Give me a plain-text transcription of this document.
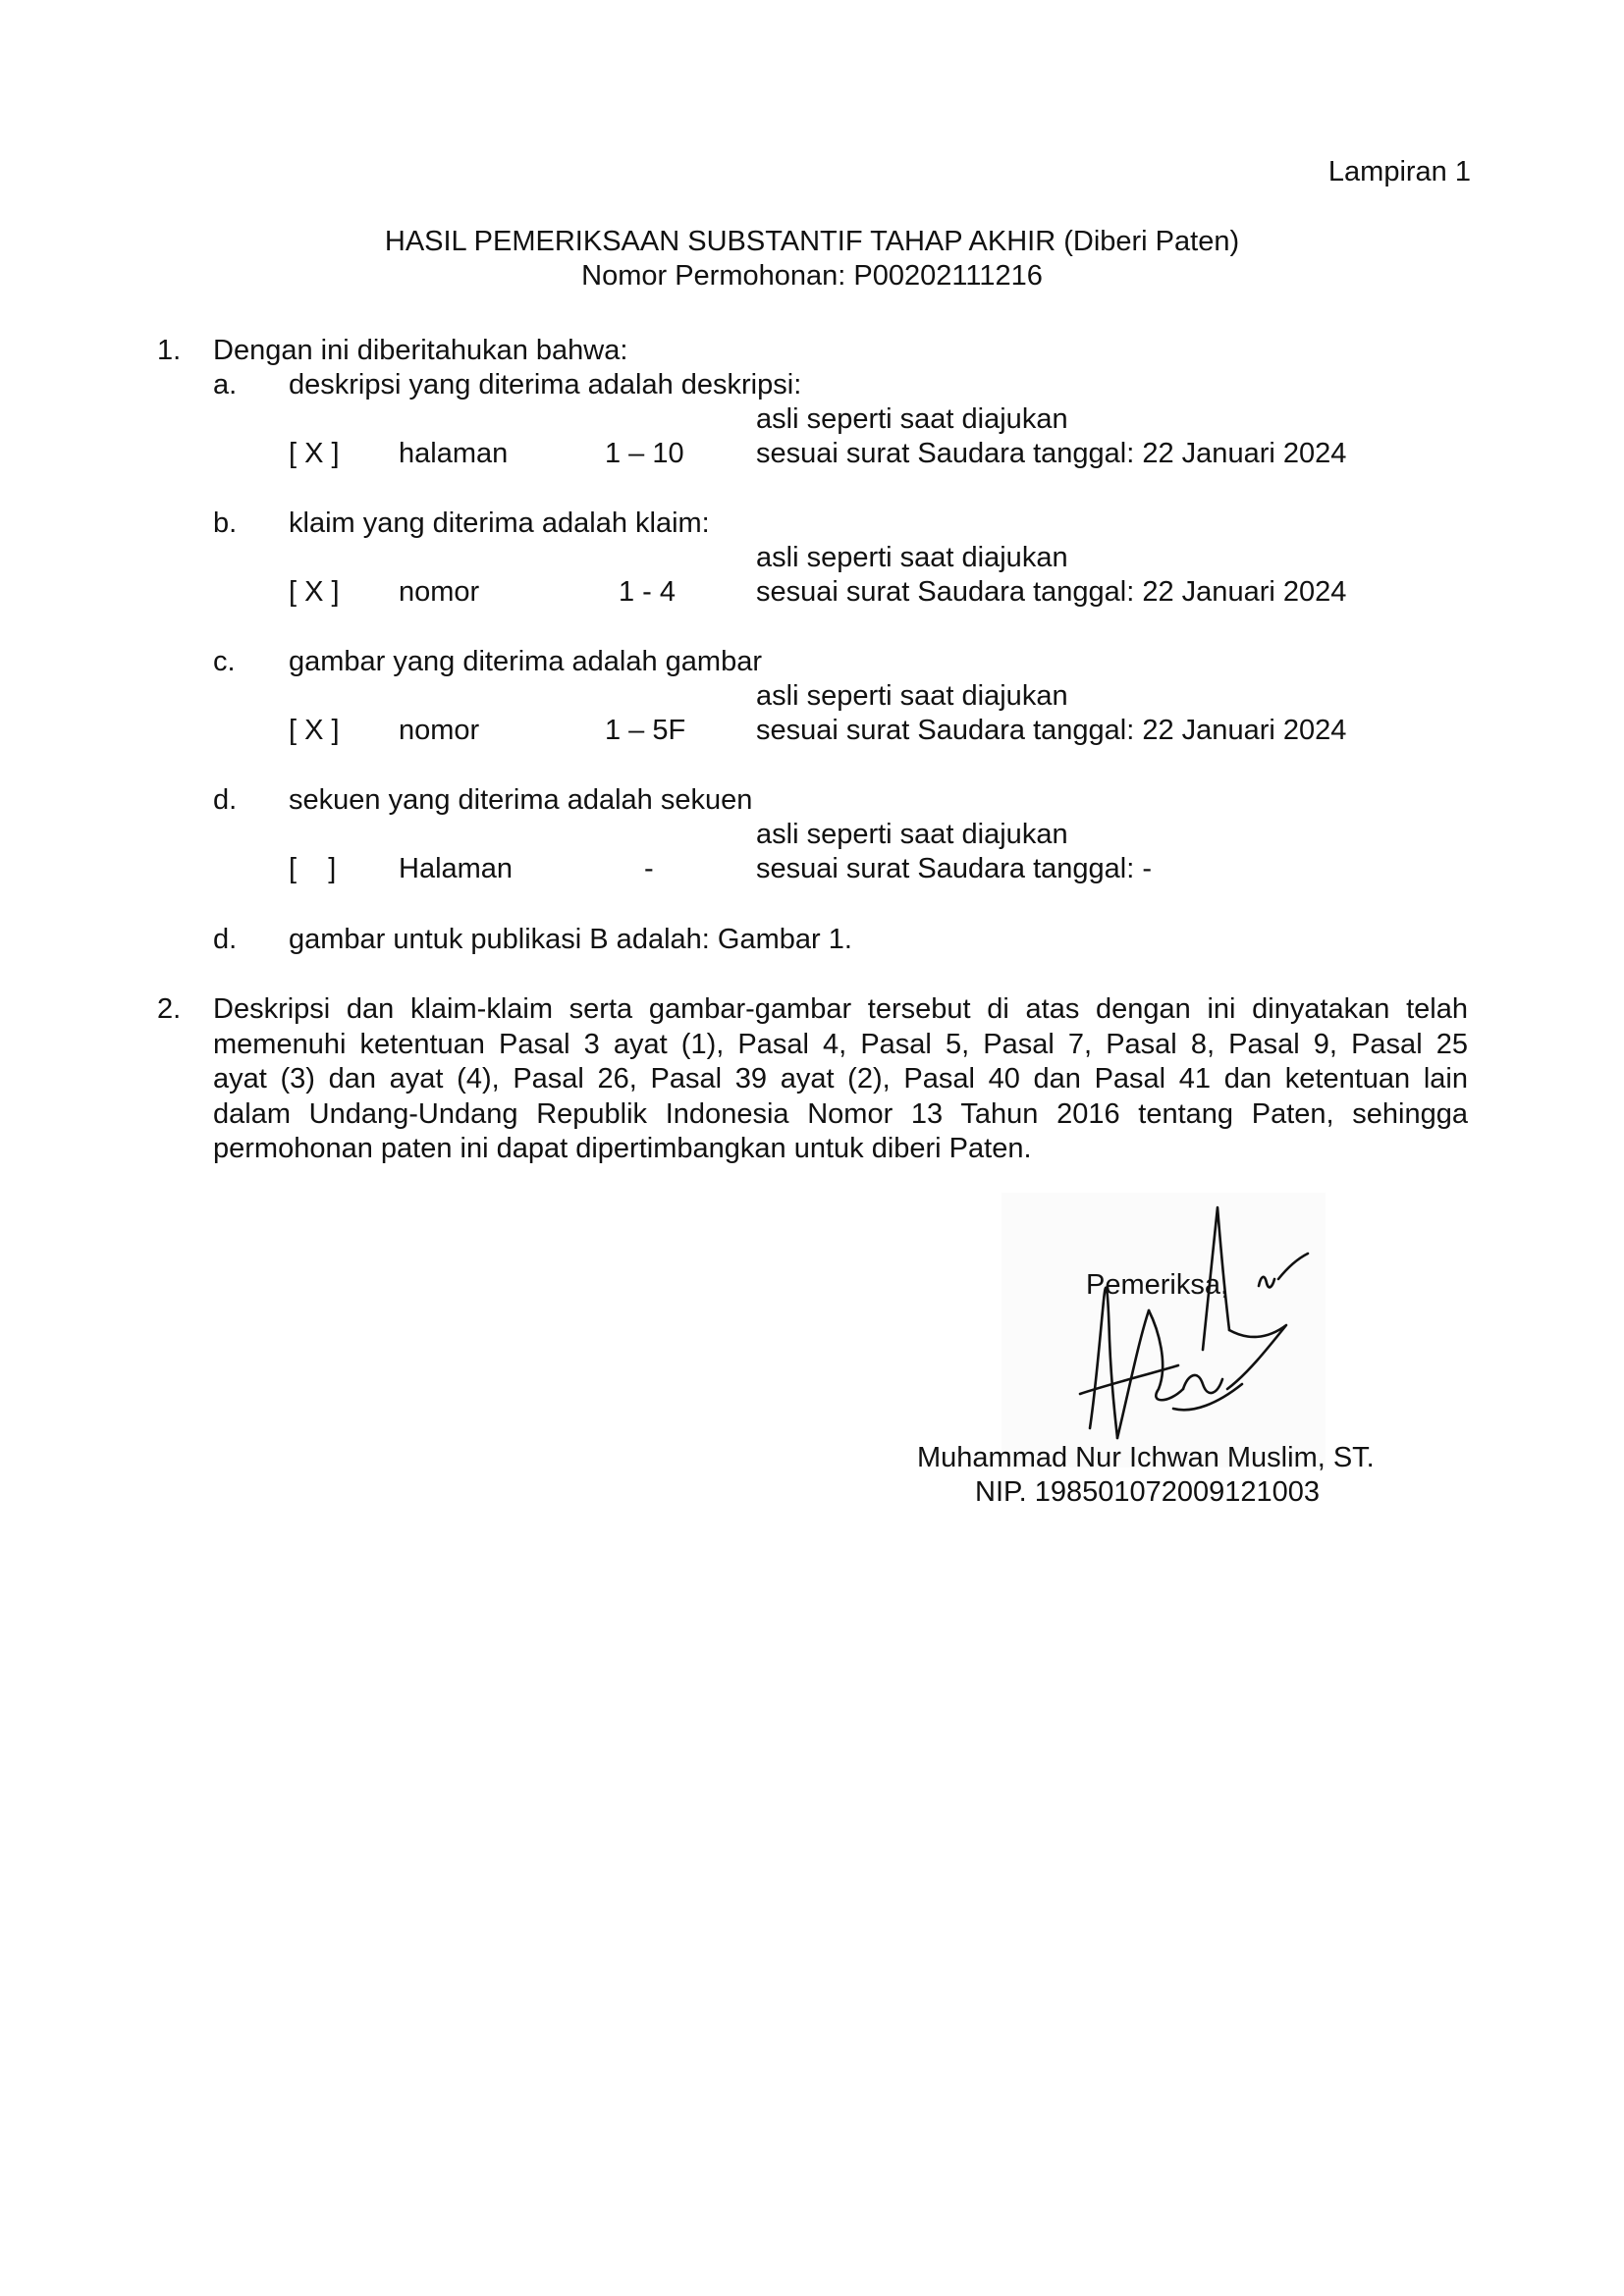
Lampiran 1
HASIL PEMERIKSAAN SUBSTANTIF TAHAP AKHIR (Diberi Paten)
Nomor Permohonan: P00202111216
1. Dengan ini diberitahukan bahwa:
a. deskripsi yang diterima adalah deskripsi:
asli seperti saat diajukan
[ X ] halaman	1 – 10	sesuai surat Saudara tanggal: 22 Januari 2024
b. klaim yang diterima adalah klaim:
asli seperti saat diajukan
[ X ] nomor	1 - 4	sesuai surat Saudara tanggal: 22 Januari 2024
c. gambar yang diterima adalah gambar
asli seperti saat diajukan
[ X ] nomor	1 – 5F sesuai surat Saudara tanggal: 22 Januari 2024
d. sekuen yang diterima adalah sekuen
asli seperti saat diajukan
[    ] Halaman	-	sesuai surat Saudara tanggal: -
d. gambar untuk publikasi B adalah: Gambar 1.
2. Deskripsi dan klaim-klaim serta gambar-gambar tersebut di atas dengan ini dinyatakan telah
memenuhi ketentuan Pasal 3 ayat (1), Pasal 4, Pasal 5, Pasal 7, Pasal 8, Pasal 9, Pasal 25
ayat (3) dan ayat (4), Pasal 26, Pasal 39 ayat (2), Pasal 40 dan Pasal 41 dan ketentuan lain
dalam Undang-Undang Republik Indonesia Nomor 13 Tahun 2016 tentang Paten, sehingga
permohonan paten ini dapat dipertimbangkan untuk diberi Paten.
Pemeriksa,
Muhammad Nur Ichwan Muslim, ST.
NIP. 198501072009121003
